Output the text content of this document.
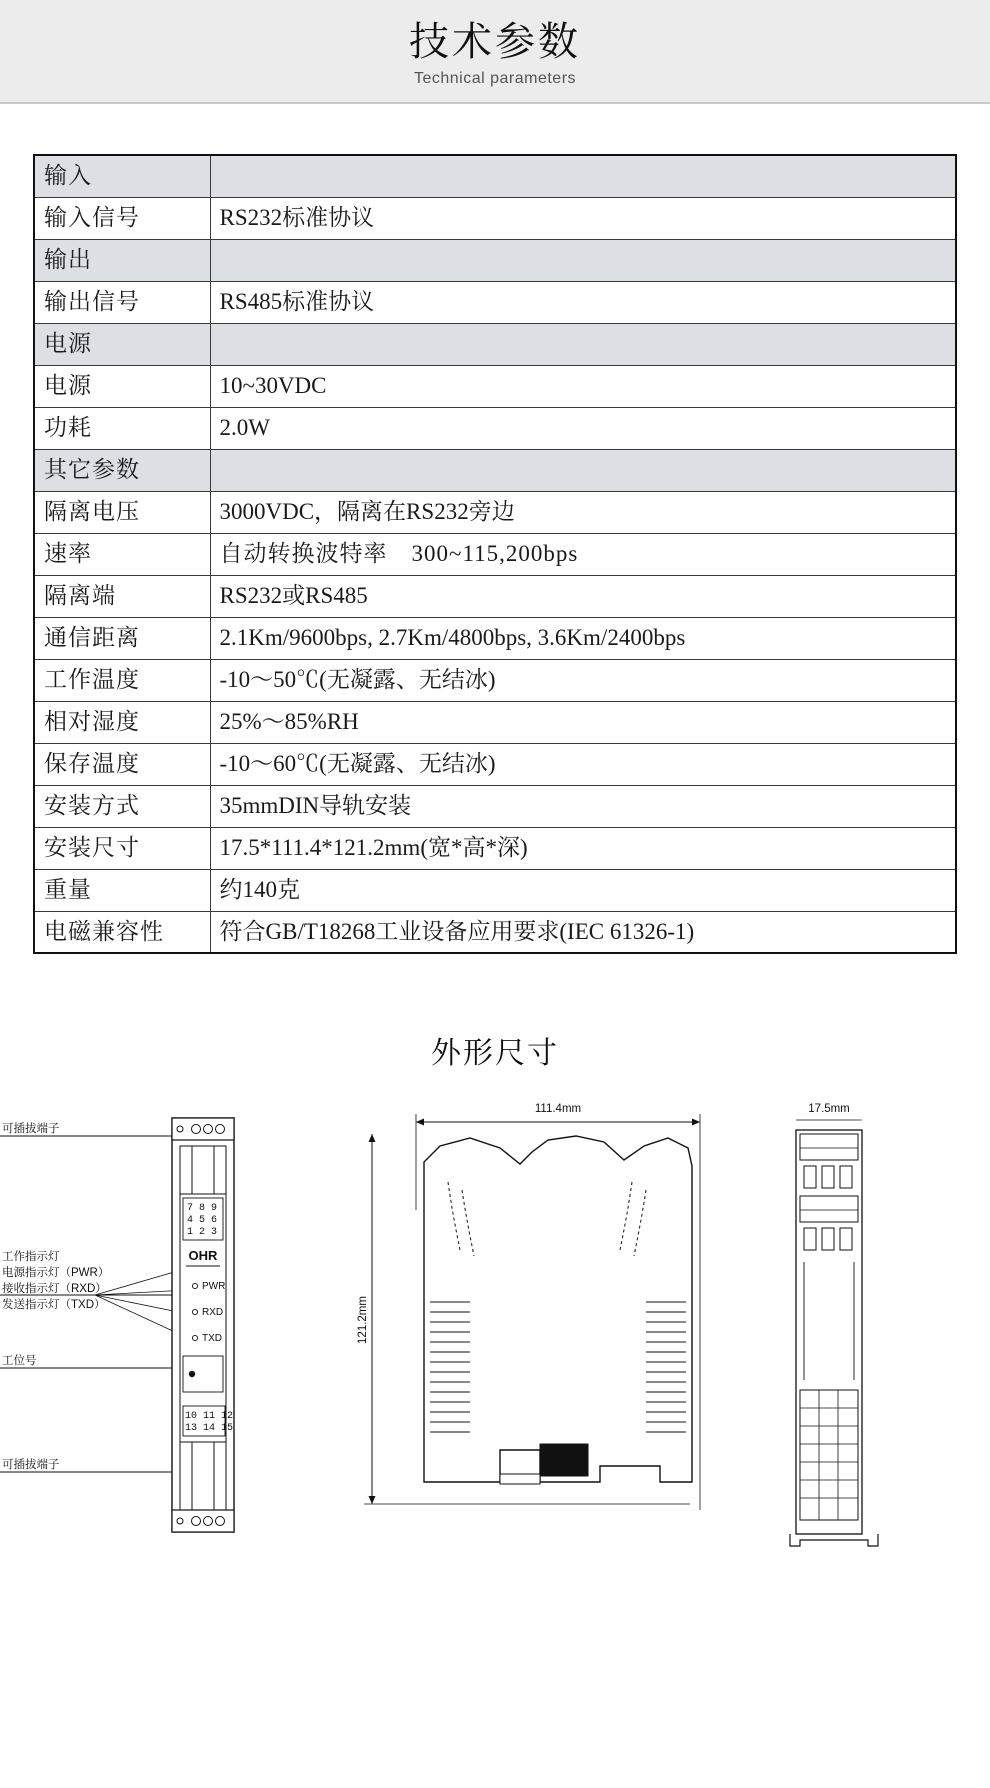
技术参数
Technical parameters
输入	
输入信号	RS232标准协议
输出	
输出信号	RS485标准协议
电源	
电源	10~30VDC
功耗	2.0W
其它参数	
隔离电压	3000VDC，隔离在RS232旁边
速率	自动转换波特率　300~115,200bps
隔离端	RS232或RS485
通信距离	2.1Km/9600bps, 2.7Km/4800bps, 3.6Km/2400bps
工作温度	-10～50℃(无凝露、无结冰)
相对湿度	25%～85%RH
保存温度	-10～60℃(无凝露、无结冰)
安装方式	35mmDIN导轨安装
安装尺寸	17.5*111.4*121.2mm(宽*高*深)
重量	约140克
电磁兼容性	符合GB/T18268工业设备应用要求(IEC 61326-1)
外形尺寸
7 8 9
4 5 6
1 2 3
OHR
PWR
RXD
TXD
10 11 12
13 14 15
可插拔端子
工作指示灯
电源指示灯（PWR）
接收指示灯（RXD）
发送指示灯（TXD）
工位号
可插拔端子
111.4mm
121.2mm
17.5mm
